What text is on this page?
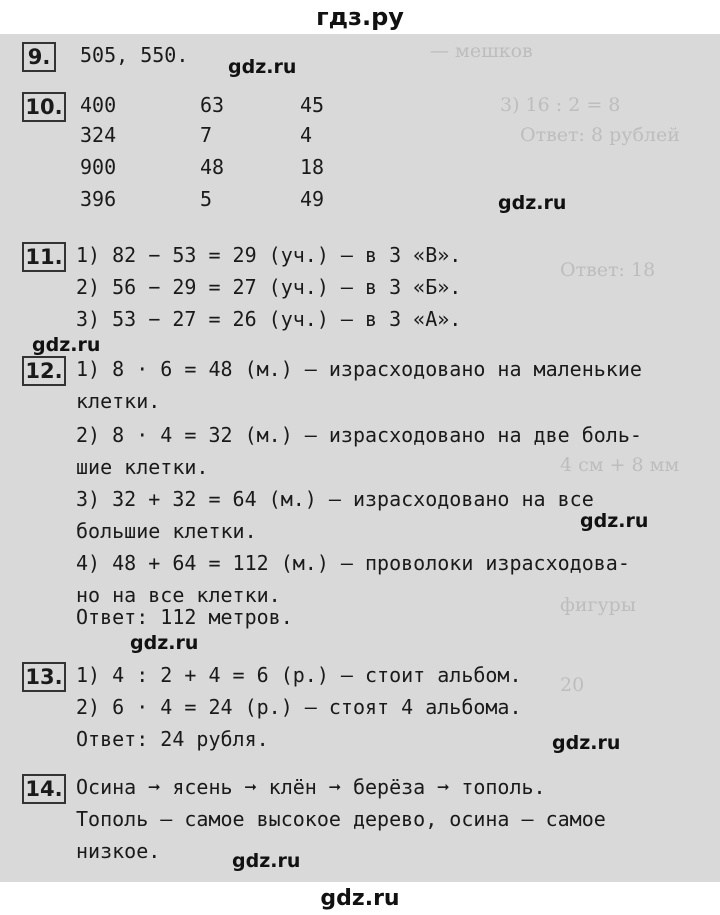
гдз.ру
— мешков
3) 16 : 2 = 8
Ответ: 8 рублей
Ответ: 18
4 см + 8 мм
фигуры
20
9. 505, 550.
10. 400	63	45
324	7	4
900	48	18
396	5	49
11. 1) 82 − 53 = 29 (уч.) — в 3 «В».
2) 56 − 29 = 27 (уч.) — в 3 «Б».
3) 53 − 27 = 26 (уч.) — в 3 «А».
12. 1) 8 · 6 = 48 (м.) — израсходовано на маленькие
клетки.
2) 8 · 4 = 32 (м.) — израсходовано на две боль-
шие клетки.
3) 32 + 32 = 64 (м.) — израсходовано на все
большие клетки.
4) 48 + 64 = 112 (м.) — проволоки израсходова-
но на все клетки.
Ответ: 112 метров.
13. 1) 4 : 2 + 4 = 6 (р.) — стоит альбом.
2) 6 · 4 = 24 (р.) — стоят 4 альбома.
Ответ: 24 рубля.
14. Осина ➞ ясень ➞ клён ➞ берёза ➞ тополь.
Тополь — самое высокое дерево, осина — самое
низкое.
gdz.ru
gdz.ru
gdz.ru
gdz.ru
gdz.ru
gdz.ru
gdz.ru
gdz.ru
